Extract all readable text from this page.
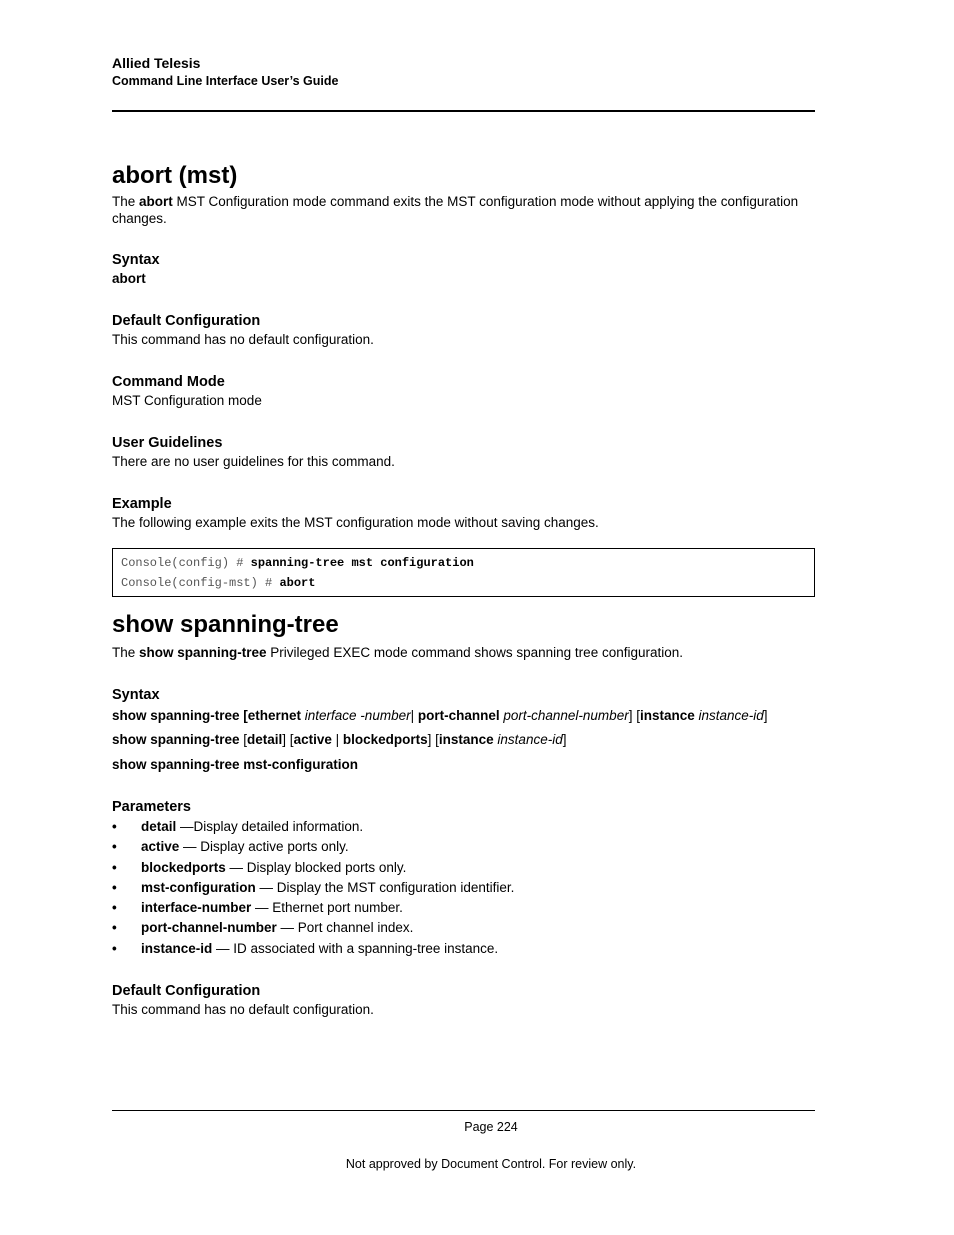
Allied Telesis
Command Line Interface User’s Guide
abort (mst)

The abort MST Configuration mode command exits the MST configuration mode without applying the configuration changes.

Syntax

abort

Default Configuration

This command has no default configuration.

Command Mode

MST Configuration mode

User Guidelines

There are no user guidelines for this command.

Example

The following example exits the MST configuration mode without saving changes.

Console(config) # spanning-tree mst configuration
Console(config-mst) # abort
show spanning-tree

The show spanning-tree Privileged EXEC mode command shows spanning tree configuration.

Syntax

show spanning-tree [ethernet interface -number| port-channel port-channel-number] [instance instance-id]

show spanning-tree [detail] [active | blockedports] [instance instance-id]

show spanning-tree mst-configuration

Parameters
• detail —Display detailed information.
• active — Display active ports only.
• blockedports — Display blocked ports only.
• mst-configuration — Display the MST configuration identifier.
• interface-number — Ethernet port number.
• port-channel-number — Port channel index.
• instance-id — ID associated with a spanning-tree instance.
Default Configuration

This command has no default configuration.

Page 224
Not approved by Document Control. For review only.
